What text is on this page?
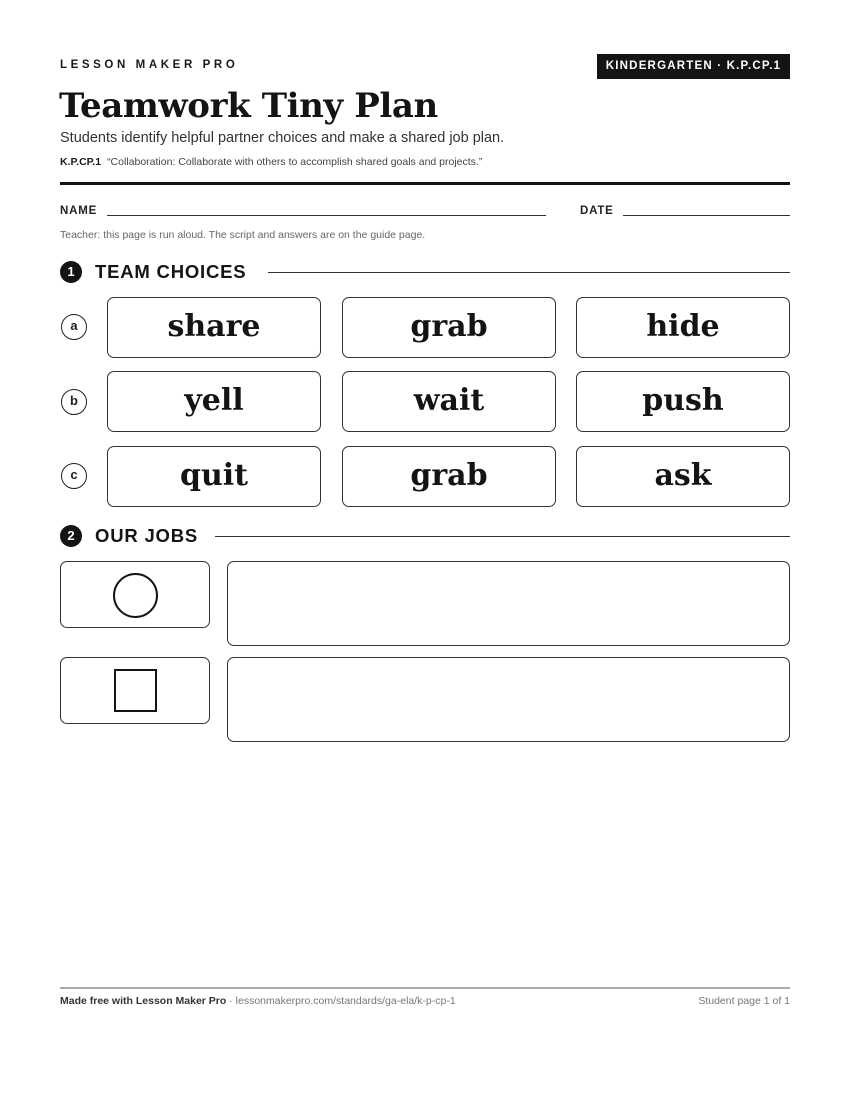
LESSON MAKER PRO	KINDERGARTEN · K.P.CP.1
Teamwork Tiny Plan
Students identify helpful partner choices and make a shared job plan.
K.P.CP.1 “Collaboration: Collaborate with others to accomplish shared goals and projects.”
NAME	DATE
Teacher: this page is run aloud. The script and answers are on the guide page.
1	TEAM CHOICES
a	share	grab	hide
b	yell	wait	push
c	quit	grab	ask
2	OUR JOBS
Made free with Lesson Maker Pro · lessonmakerpro.com/standards/ga-ela/k-p-cp-1	Student page 1 of 1
